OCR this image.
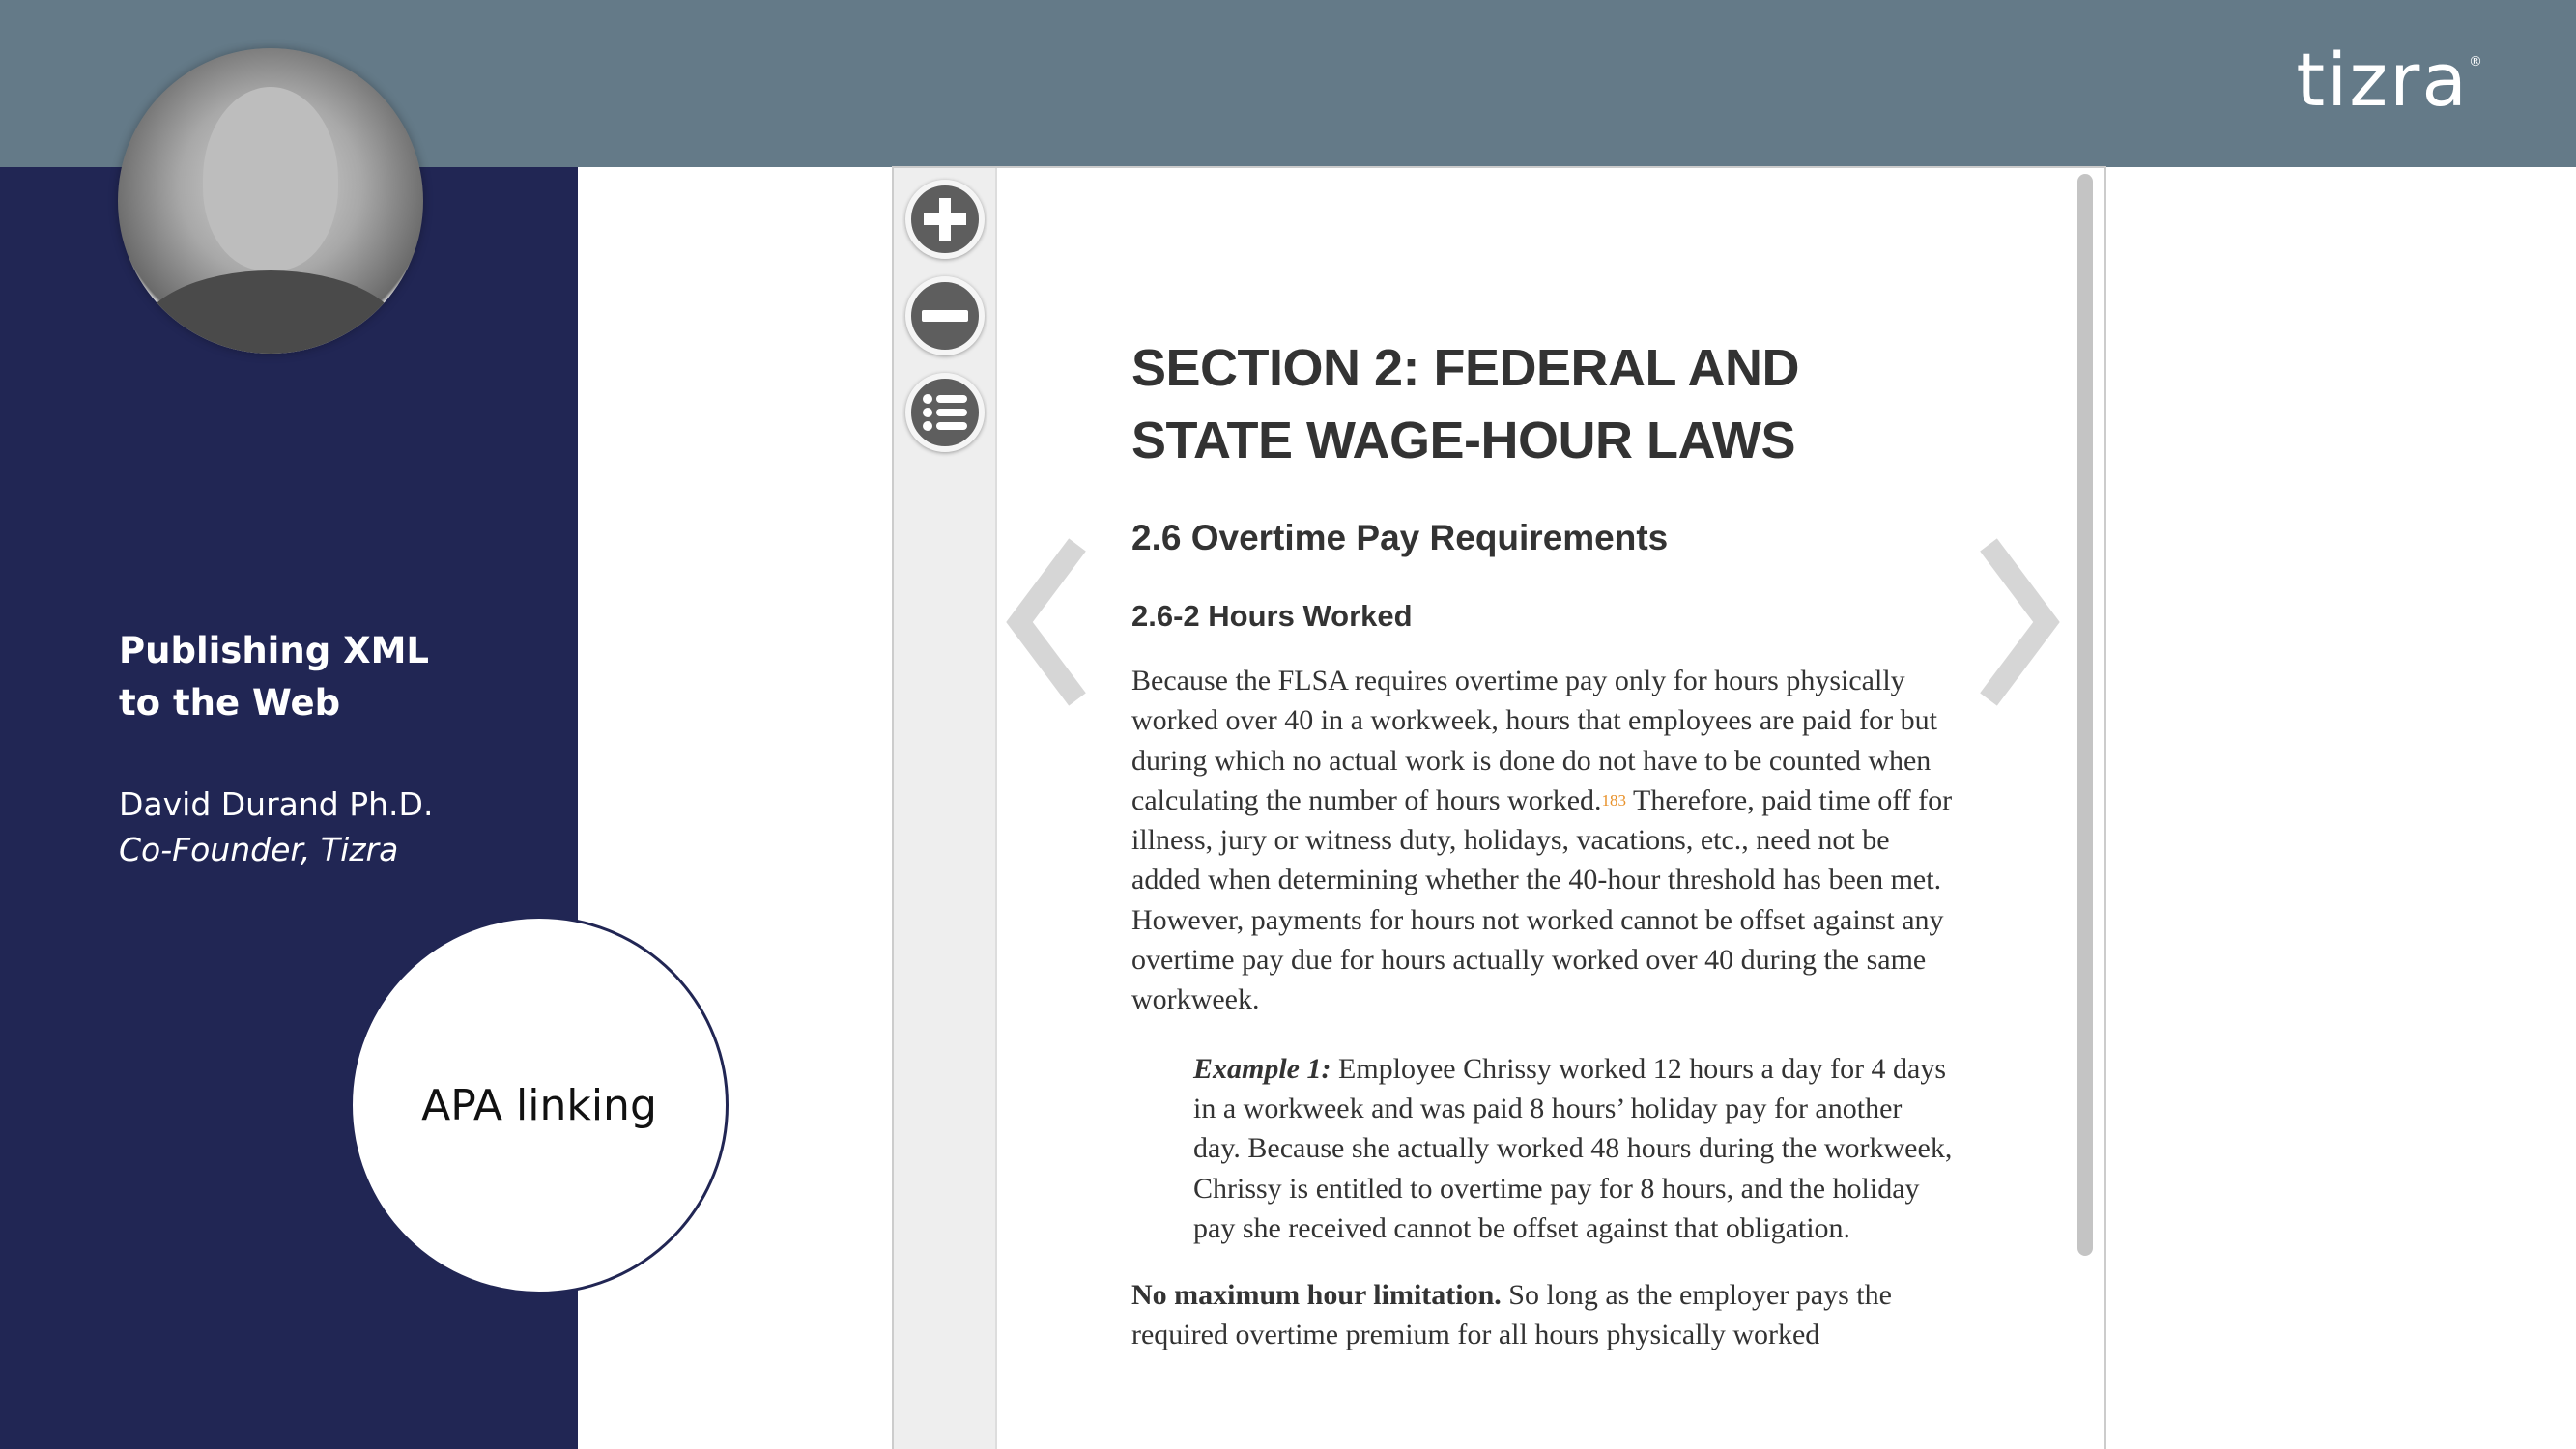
tizra®
Publishing XML
to the Web
David Durand Ph.D.
Co-Founder, Tizra
APA linking
SECTION 2: FEDERAL AND
STATE WAGE-HOUR LAWS
2.6 Overtime Pay Requirements
2.6-2 Hours Worked

Because the FLSA requires overtime pay only for hours physically worked over 40 in a workweek, hours that employees are paid for but during which no actual work is done do not have to be counted when calculating the number of hours worked.$^{183}$ Therefore, paid time off for illness, jury or witness duty, holidays, vacations, etc., need not be added when determining whether the 40-hour threshold has been met. However, payments for hours not worked cannot be offset against any overtime pay due for hours actually worked over 40 during the same workweek.

Example 1: Employee Chrissy worked 12 hours a day for 4 days in a workweek and was paid 8 hours’ holiday pay for another day. Because she actually worked 48 hours during the workweek, Chrissy is entitled to overtime pay for 8 hours, and the holiday pay she received cannot be offset against that obligation.

No maximum hour limitation. So long as the employer pays the required overtime premium for all hours physically worked
